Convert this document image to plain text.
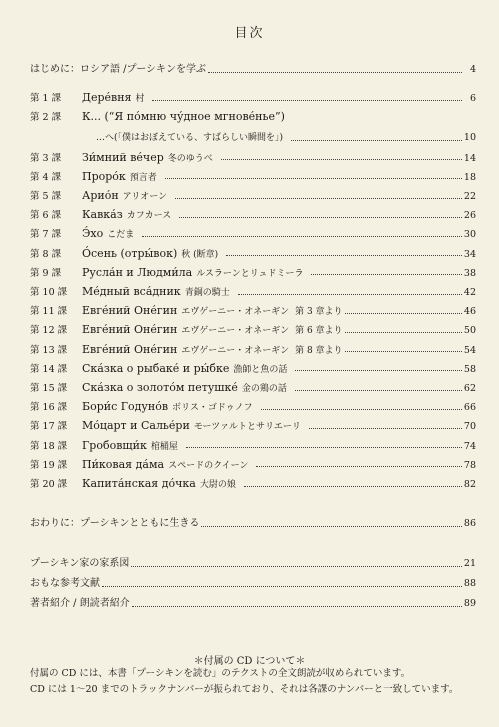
目次
はじめに：ロシア語 /プーシキンを学ぶ	4
第 1 課	Дере́вня 村	6
第 2 課	К... (“Я по́мню чу́дное мгнове́нье”)
…へ(「僕はおぼえている、すばらしい瞬間を」)	10
第 3 課	Зи́мний ве́чер 冬のゆうべ	14
第 4 課	Проро́к 預言者	18
第 5 課	Арио́н アリオーン	22
第 6 課	Кавка́з カフカース	26
第 7 課	Э́хо こだま	30
第 8 課	О́сень (отры́вок) 秋 (断章)	34
第 9 課	Русла́н и Людми́ла ルスラーンとリュドミーラ	38
第 10 課	Ме́дный вса́дник 青銅の騎士	42
第 11 課	Евге́ний Оне́гин エヴゲーニー・オネーギン 第 3 章より	46
第 12 課	Евге́ний Оне́гин エヴゲーニー・オネーギン 第 6 章より	50
第 13 課	Евге́ний Оне́гин エヴゲーニー・オネーギン 第 8 章より	54
第 14 課	Ска́зка о рыбаке́ и ры́бке 漁師と魚の話	58
第 15 課	Ска́зка о золото́м петушке́ 金の鶏の話	62
第 16 課	Бори́с Годуно́в ボリス・ゴドゥノフ	66
第 17 課	Мо́царт и Салье́ри モーツァルトとサリエーリ	70
第 18 課	Гробовщи́к 棺桶屋	74
第 19 課	Пи́ковая да́ма スペードのクイーン	78
第 20 課	Капита́нская до́чка 大尉の娘	82
おわりに：プーシキンとともに生きる	86
プーシキン家の家系図	21
おもな参考文献	88
著者紹介 / 朗読者紹介	89
＊付属の CD について＊
付属の CD には、本書「プーシキンを読む」のテクストの全文朗読が収められています。
CD には 1～20 までのトラックナンバーが振られており、それは各課のナンバーと一致しています。
